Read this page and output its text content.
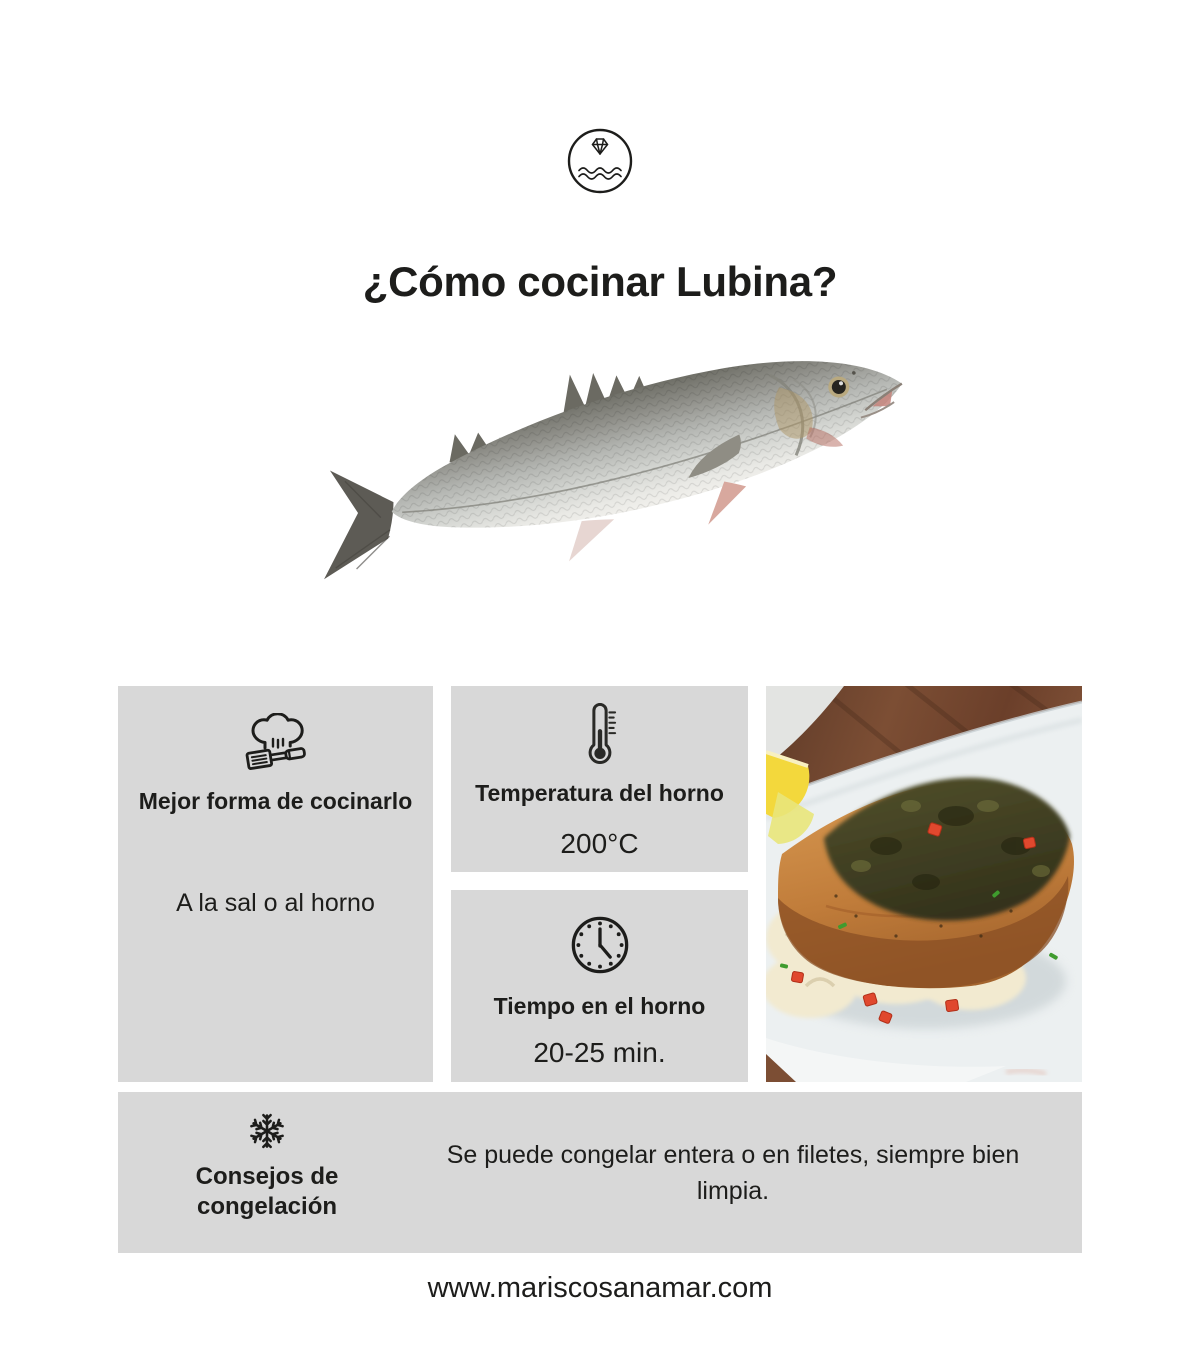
¿Cómo cocinar Lubina?
Mejor forma de cocinarlo
A la sal o al horno
Temperatura del horno
200°C
Tiempo en el horno
20-25 min.
Consejos de congelación
Se puede congelar entera o en filetes, siempre bien limpia.
www.mariscosanamar.com
